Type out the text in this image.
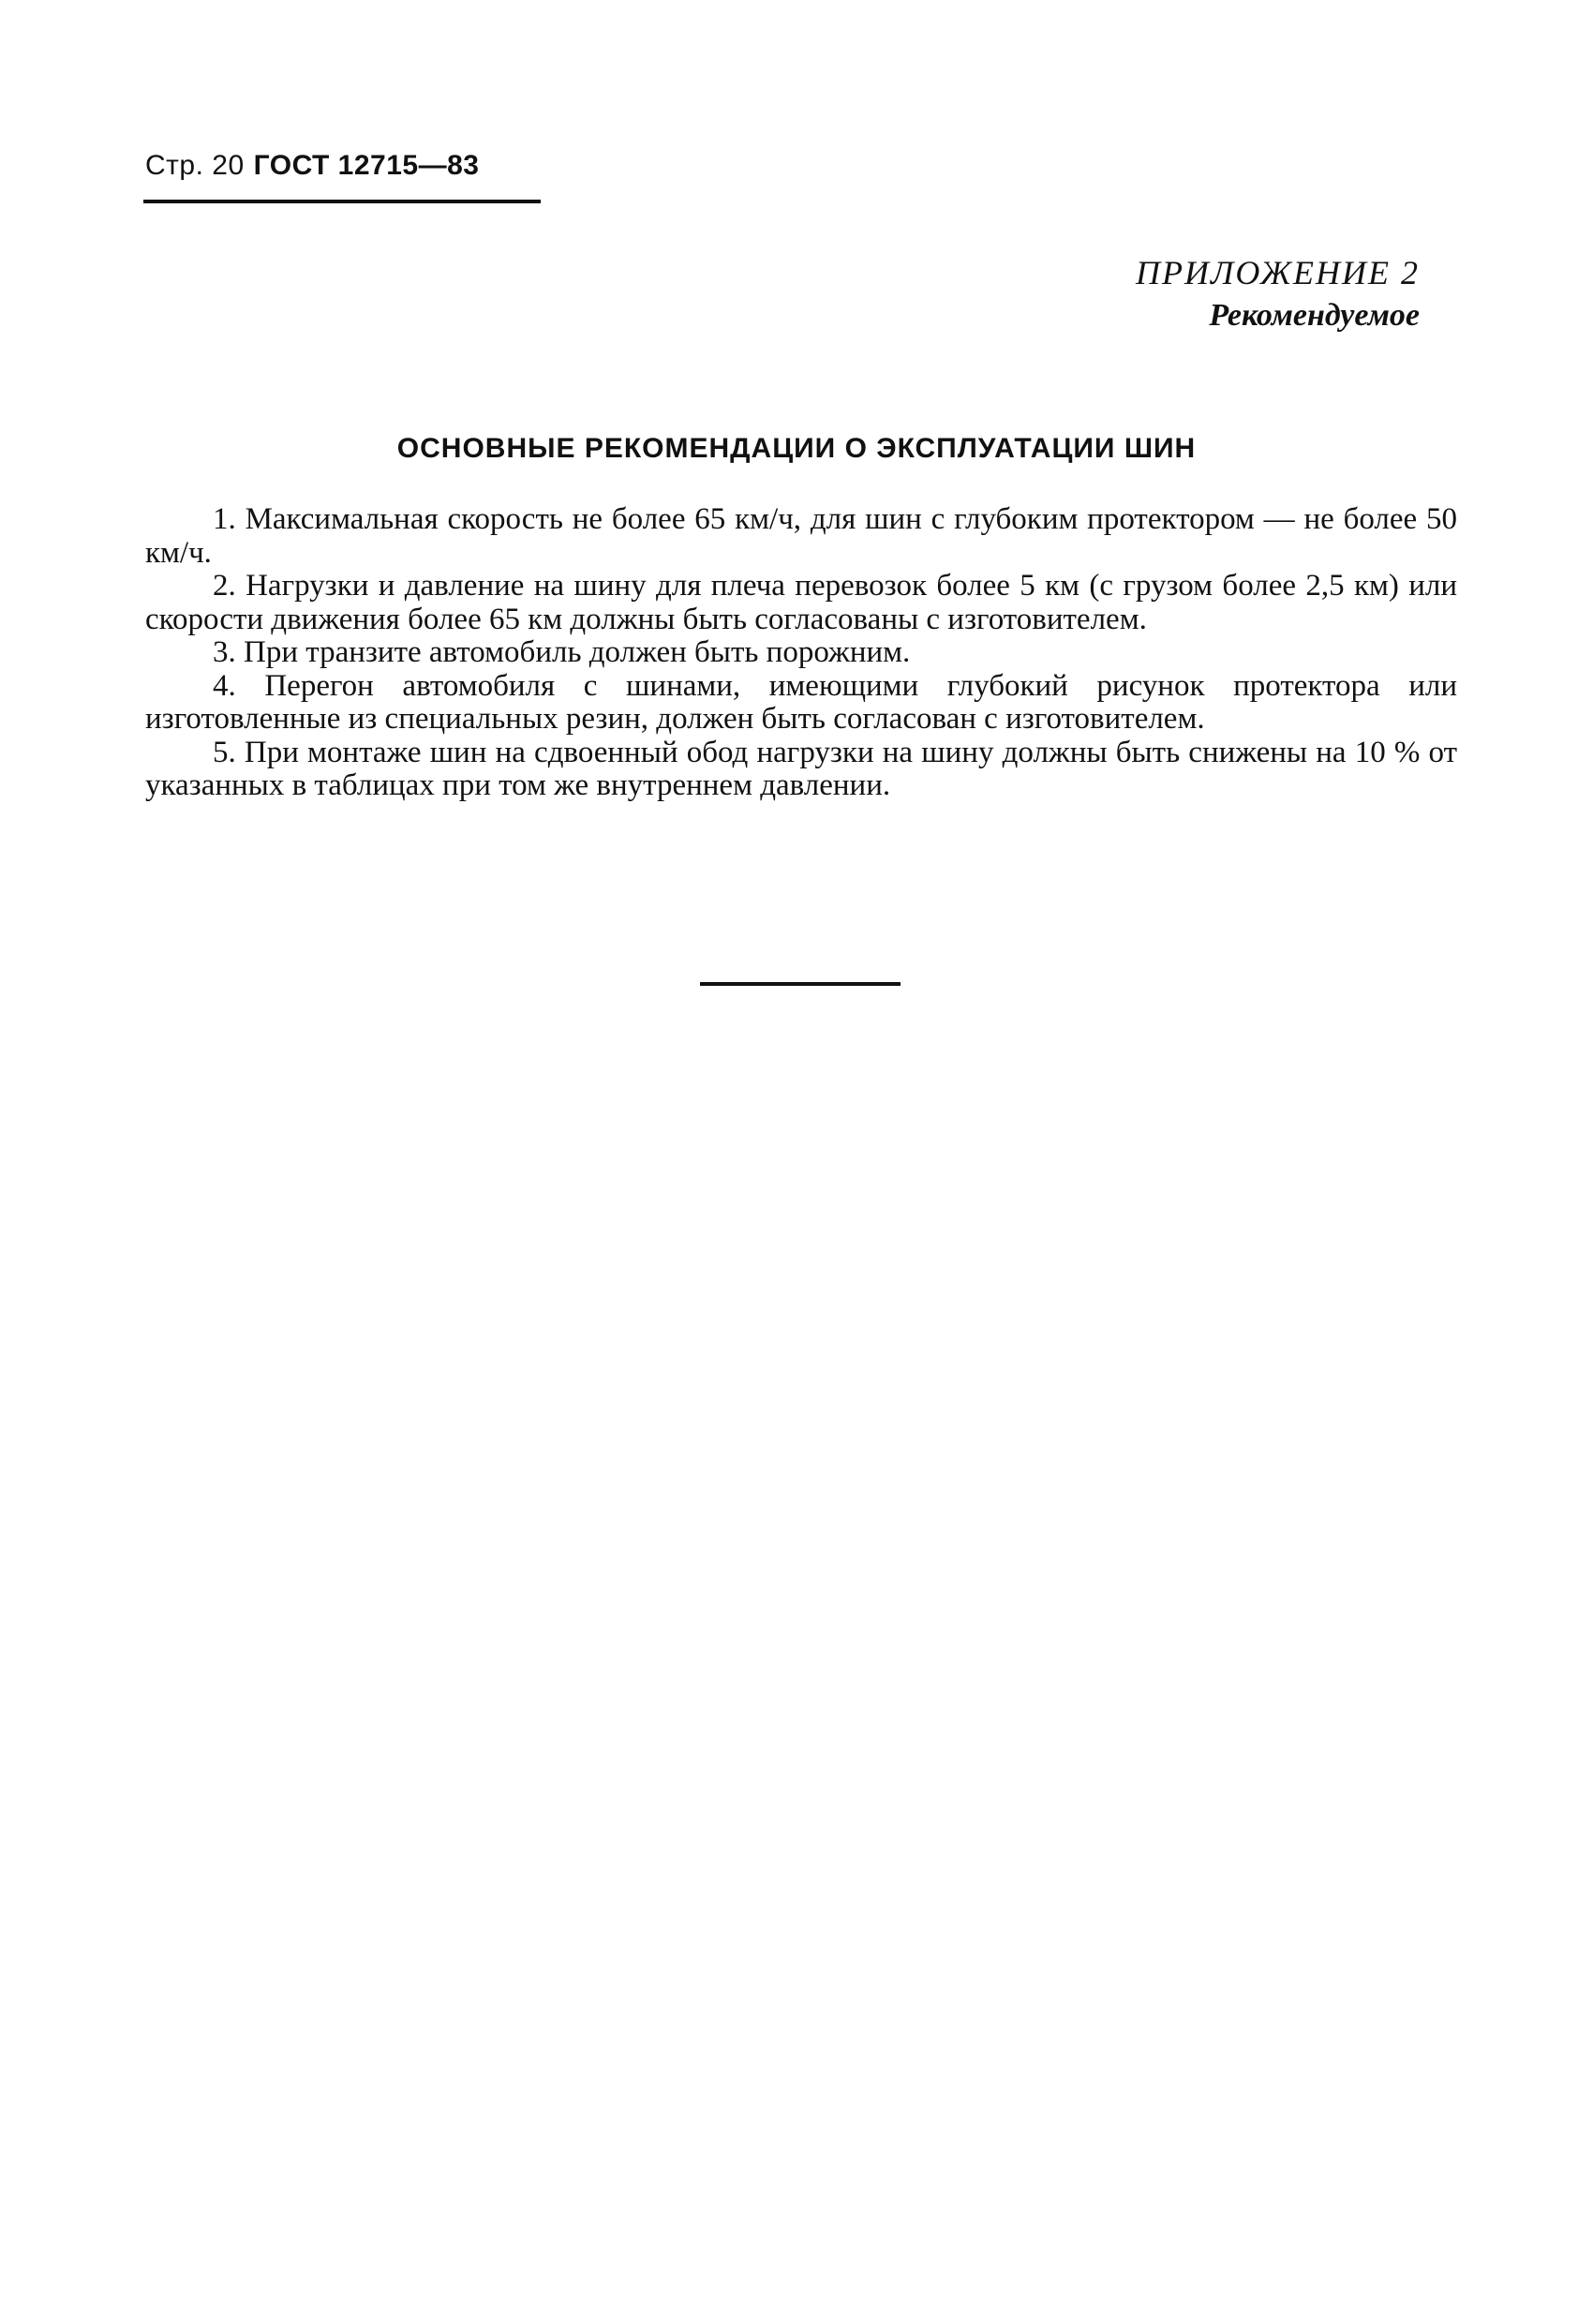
Стр. 20 ГОСТ 12715—83
ПРИЛОЖЕНИЕ 2
Рекомендуемое
ОСНОВНЫЕ РЕКОМЕНДАЦИИ О ЭКСПЛУАТАЦИИ ШИН

1. Максимальная скорость не более 65 км/ч, для шин с глубоким протектором — не более 50 км/ч.

2. Нагрузки и давление на шину для плеча перевозок более 5 км (с грузом более 2,5 км) или скорости движения более 65 км должны быть согласованы с изготовителем.

3. При транзите автомобиль должен быть порожним.

4. Перегон автомобиля с шинами, имеющими глубокий рисунок протектора или изготовленные из специальных резин, должен быть согласован с изготовителем.

5. При монтаже шин на сдвоенный обод нагрузки на шину должны быть снижены на 10 % от указанных в таблицах при том же внутреннем давлении.
